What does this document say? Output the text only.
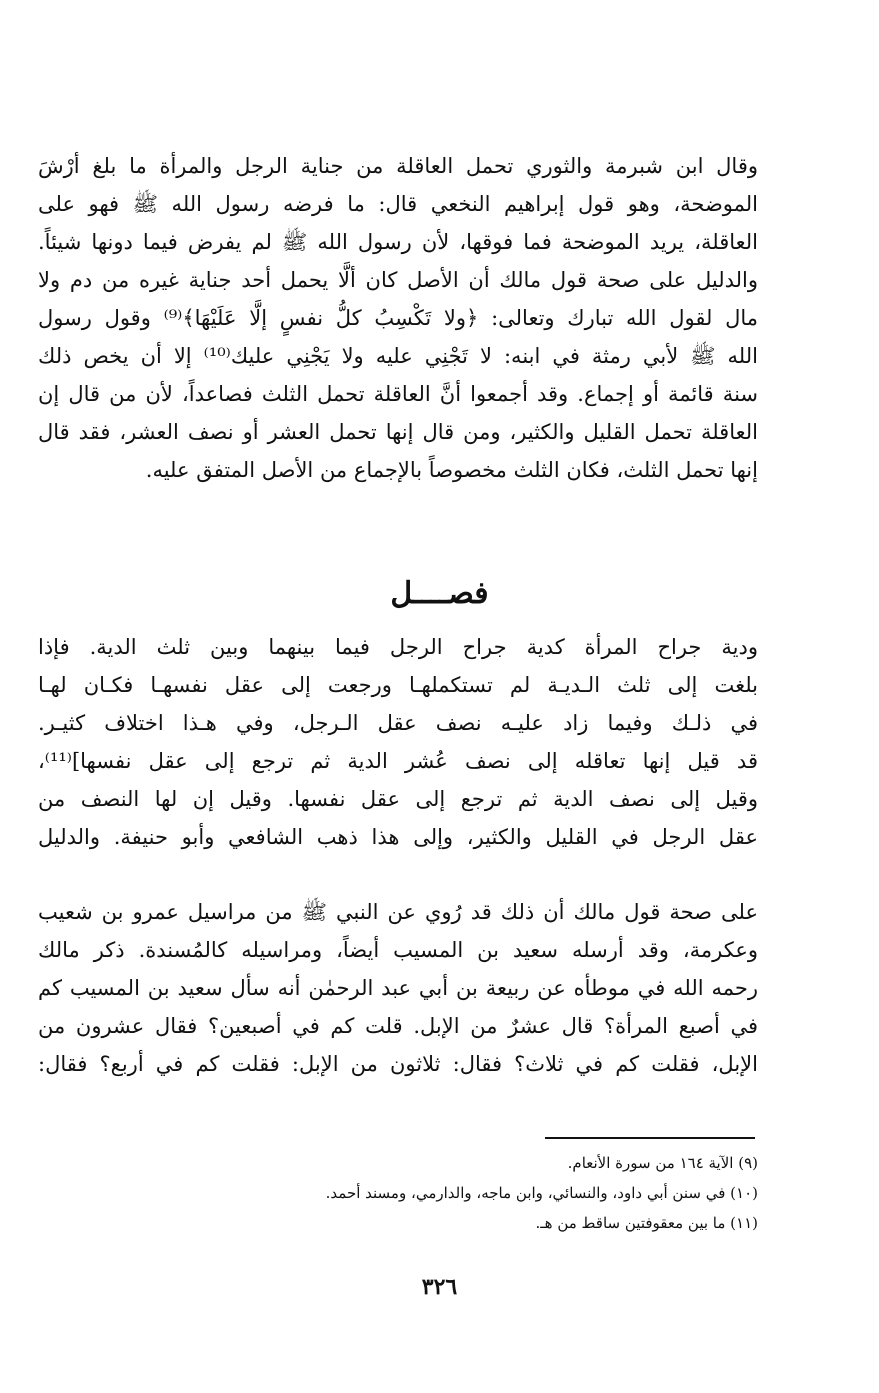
وقال ابن شبرمة والثوري تحمل العاقلة من جناية الرجل والمرأة ما بلغ أرْشَ
الموضحة، وهو قول إبراهيم النخعي قال: ما فرضه رسول الله ﷺ فهو على
العاقلة، يريد الموضحة فما فوقها، لأن رسول الله ﷺ لم يفرض فيما دونها شيئاً.
والدليل على صحة قول مالك أن الأصل كان ألَّا يحمل أحد جناية غيره من دم ولا
مال لقول الله تبارك وتعالى: ﴿ولا تَكْسِبُ كلُّ نفسٍ إلَّا عَلَيْهَا﴾⁽⁹⁾ وقول رسول
الله ﷺ لأبي رمثة في ابنه: لا تَجْنِي عليه ولا يَجْنِي عليك⁽¹⁰⁾ إلا أن يخص ذلك
سنة قائمة أو إجماع. وقد أجمعوا أنَّ العاقلة تحمل الثلث فصاعداً، لأن من قال إن
العاقلة تحمل القليل والكثير، ومن قال إنها تحمل العشر أو نصف العشر، فقد قال
إنها تحمل الثلث، فكان الثلث مخصوصاً بالإجماع من الأصل المتفق عليه.
فصــــل
ودية جراح المرأة كدية جراح الرجل فيما بينهما وبين ثلث الدية. فإذا
بلغت إلى ثلث الـديـة لم تستكملهـا ورجعت إلى عقل نفسهـا فكـان لهـا
في ذلـك وفيما زاد عليـه نصف عقل الـرجل، وفي هـذا اختلاف كثيـر.
قد قيل إنها تعاقله إلى نصف عُشر الدية ثم ترجع إلى عقل نفسها]⁽¹¹⁾،
وقيل إلى نصف الدية ثم ترجع إلى عقل نفسها. وقيل إن لها النصف من
عقل الرجل في القليل والكثير، وإلى هذا ذهب الشافعي وأبو حنيفة. والدليل
على صحة قول مالك أن ذلك قد رُوي عن النبي ﷺ من مراسيل عمرو بن شعيب
وعكرمة، وقد أرسله سعيد بن المسيب أيضاً، ومراسيله كالمُسندة. ذكر مالك
رحمه الله في موطأه عن ربيعة بن أبي عبد الرحمٰن أنه سأل سعيد بن المسيب كم
في أصبع المرأة؟ قال عشرٌ من الإبل. قلت كم في أصبعين؟ فقال عشرون من
الإبل، فقلت كم في ثلاث؟ فقال: ثلاثون من الإبل: فقلت كم في أربع؟ فقال:
(٩) الآية ١٦٤ من سورة الأنعام.
(١٠) في سنن أبي داود، والنسائي، وابن ماجه، والدارمي، ومسند أحمد.
(١١) ما بين معقوفتين ساقط من هـ.
٣٢٦
